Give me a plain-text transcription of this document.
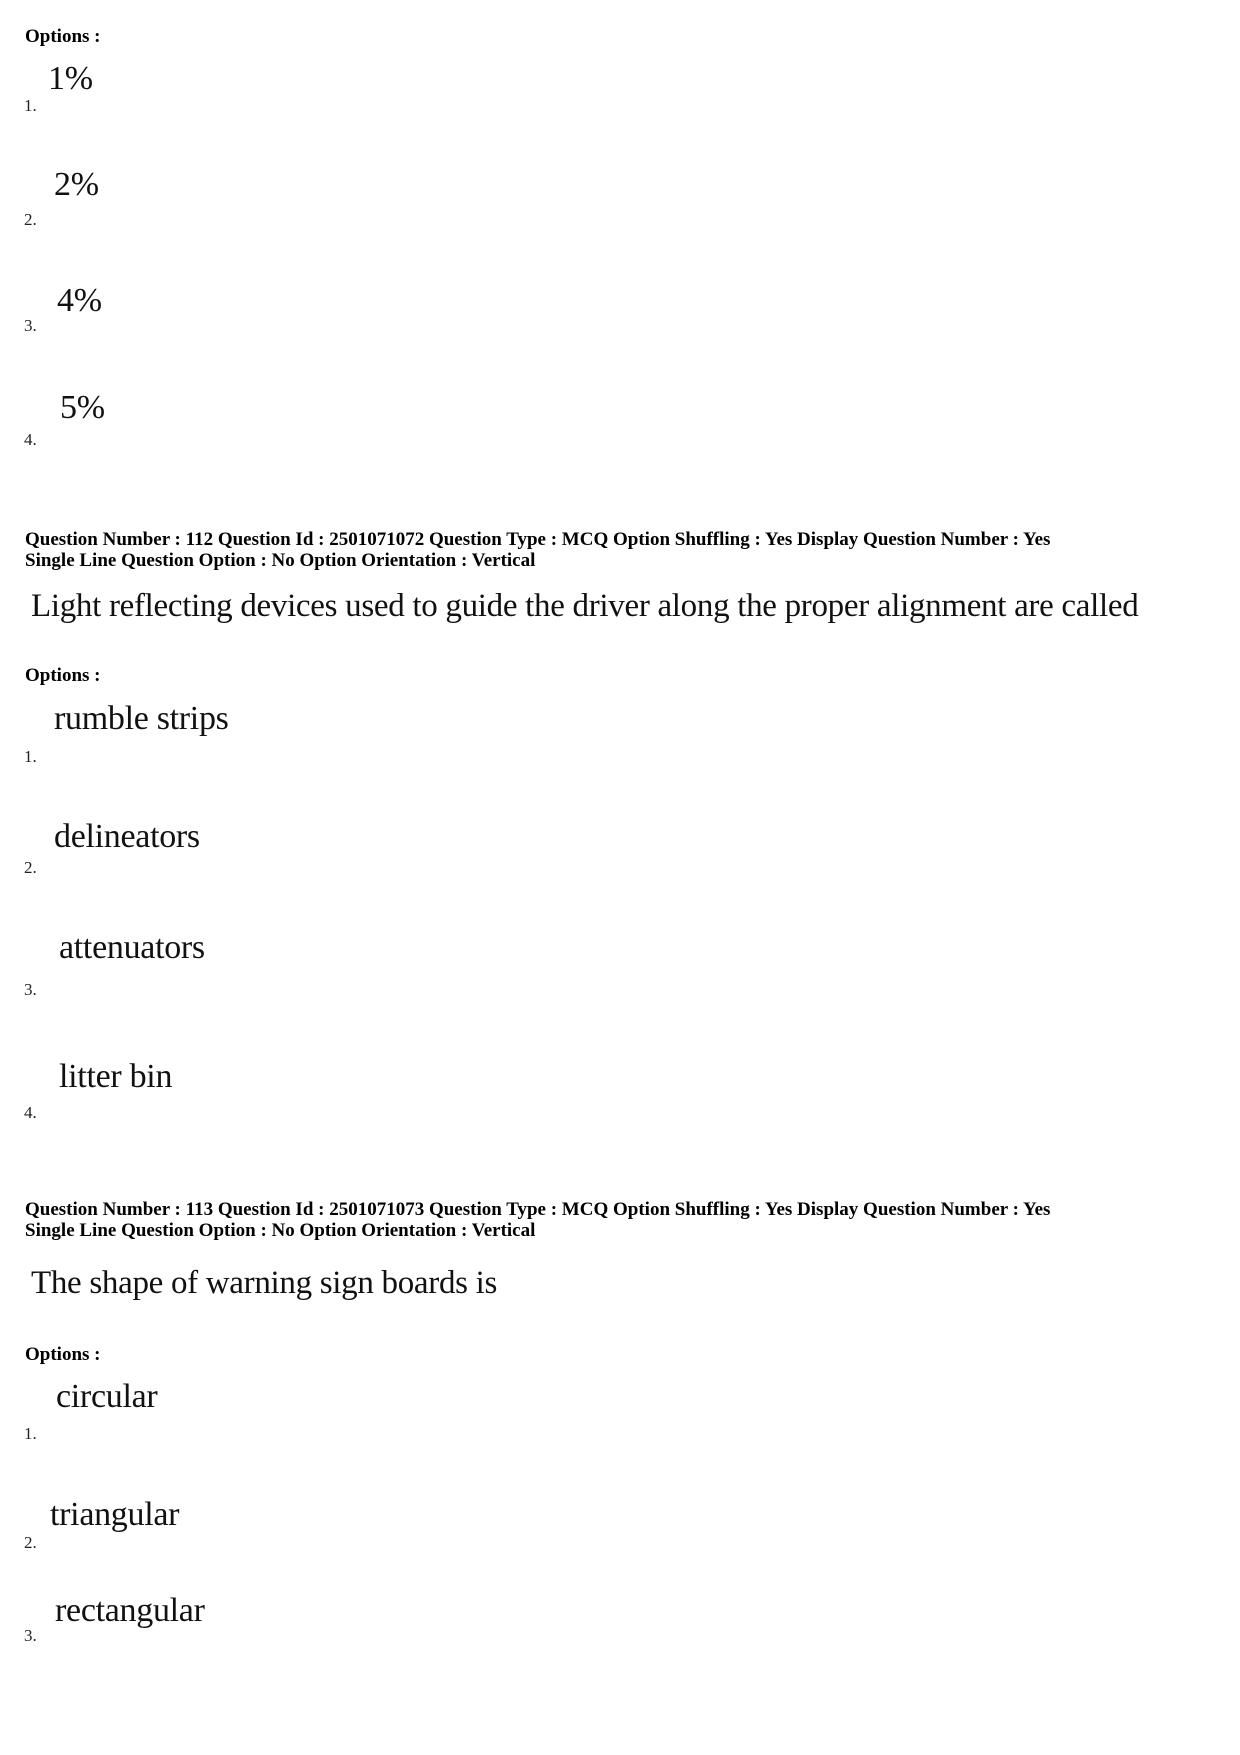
Options :
1%
1.
2%
2.
4%
3.
5%
4.
Question Number : 112 Question Id : 2501071072 Question Type : MCQ Option Shuffling : Yes Display Question Number : Yes
Single Line Question Option : No Option Orientation : Vertical
Light reflecting devices used to guide the driver along the proper alignment are called
Options :
rumble strips
1.
delineators
2.
attenuators
3.
litter bin
4.
Question Number : 113 Question Id : 2501071073 Question Type : MCQ Option Shuffling : Yes Display Question Number : Yes
Single Line Question Option : No Option Orientation : Vertical
The shape of warning sign boards is
Options :
circular
1.
triangular
2.
rectangular
3.
